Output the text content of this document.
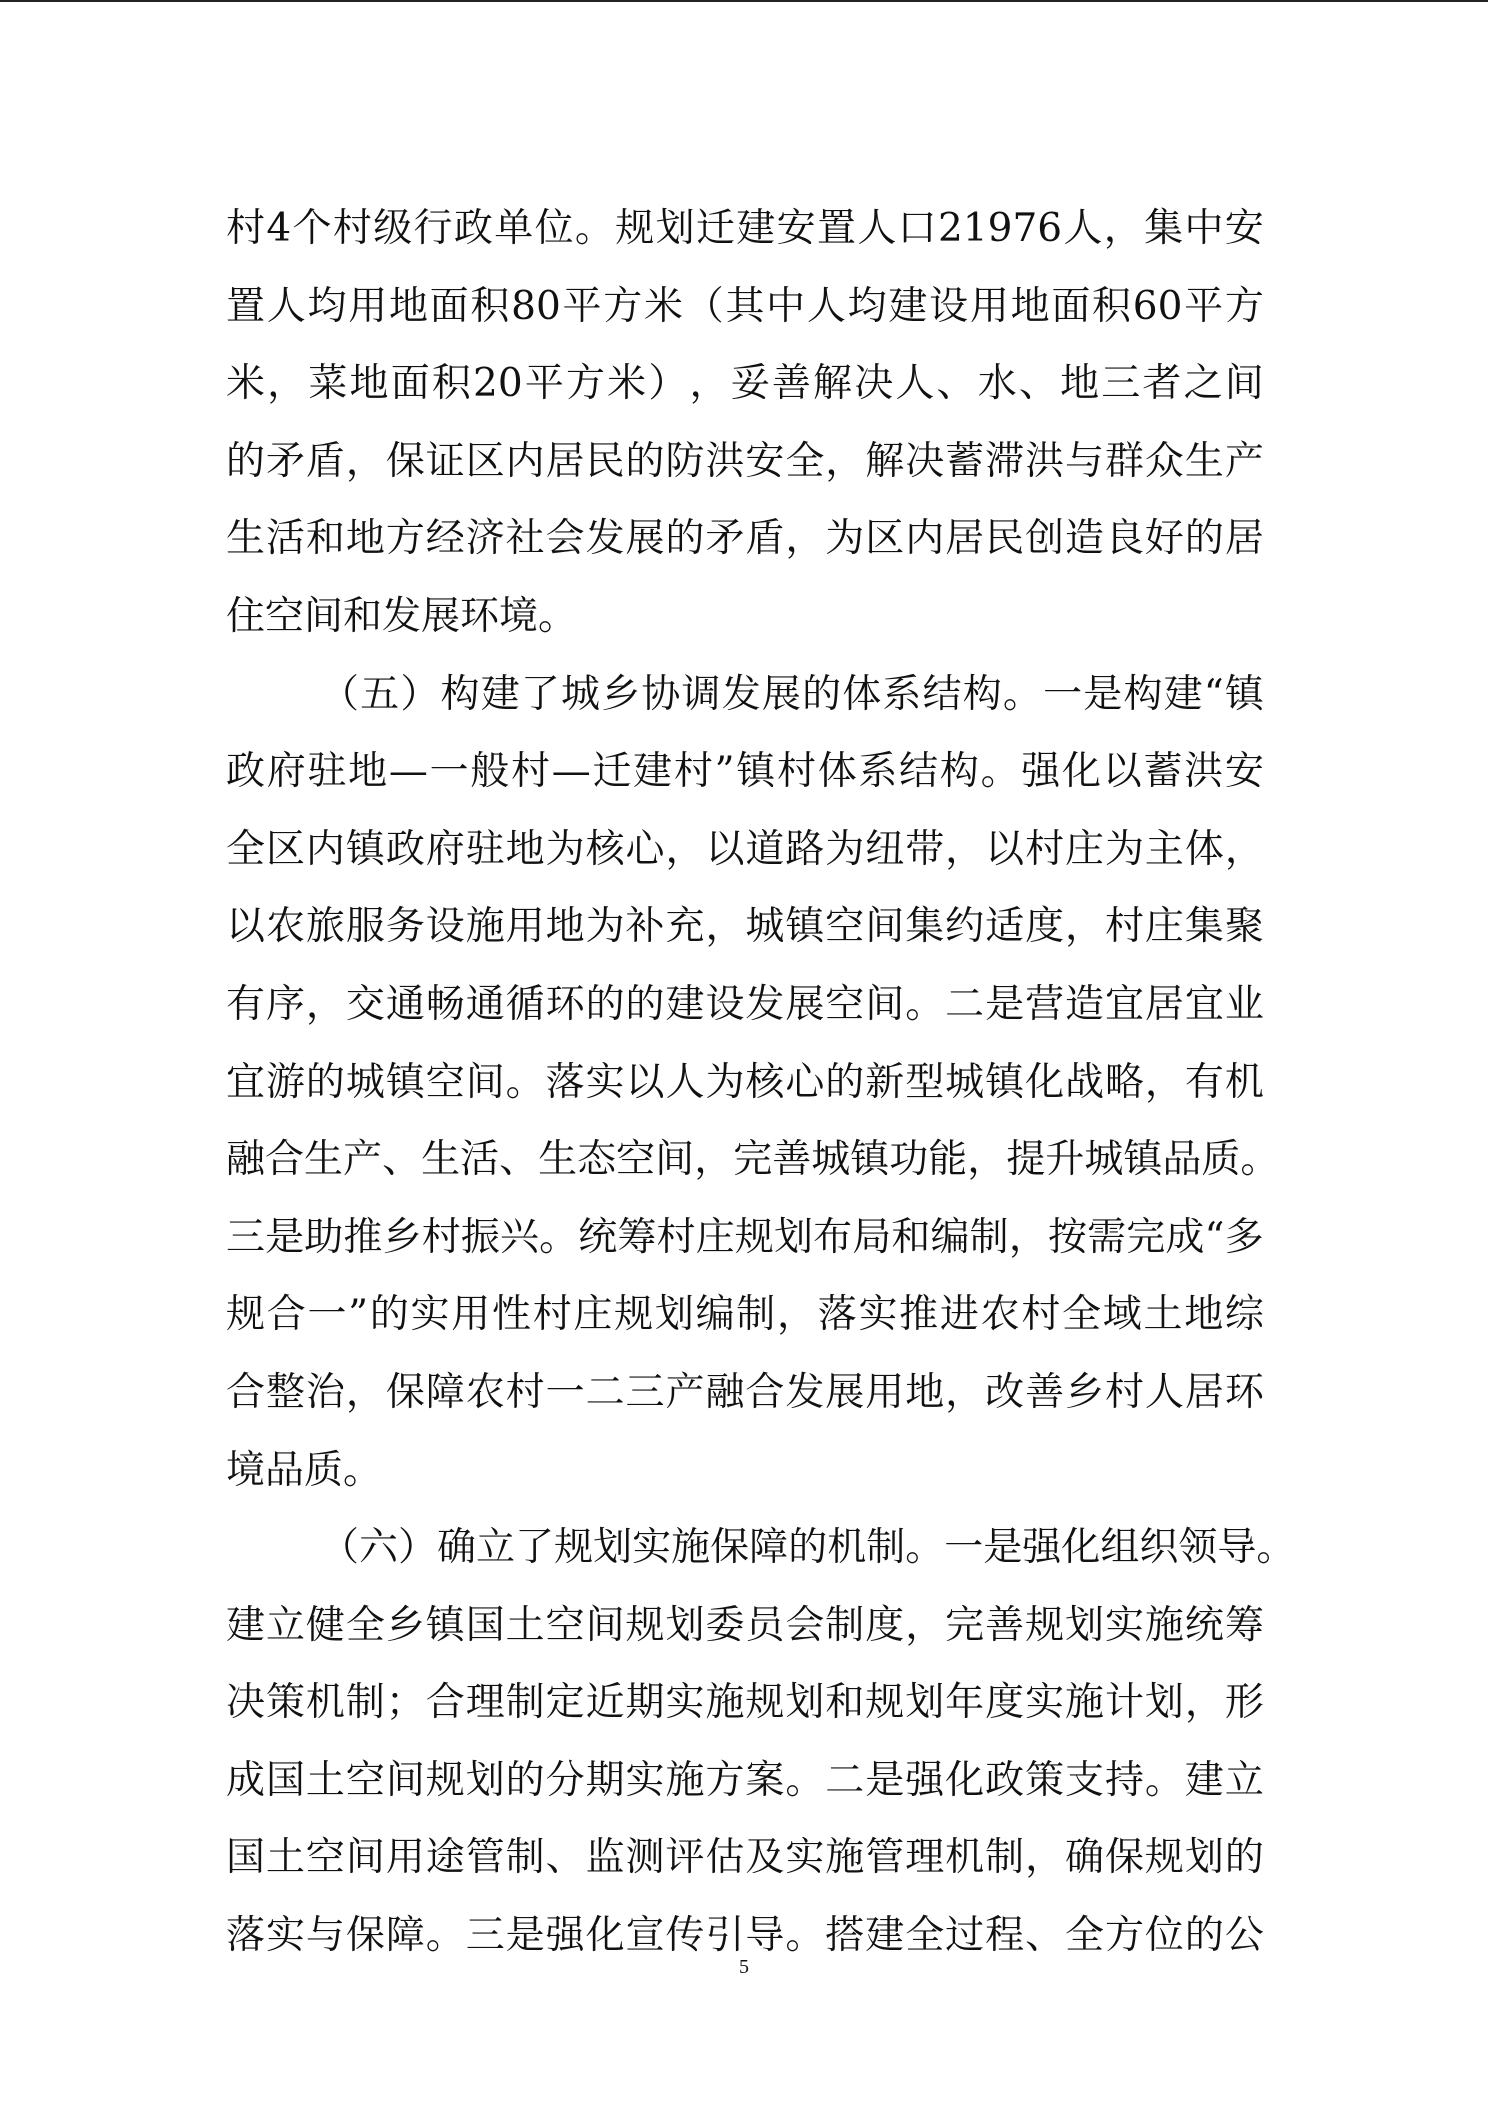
村 4 个 村 级 行 政 单 位 。 规 划 迁 建 安 置 人 口 21976 人 ， 集 中 安
置 人 均 用 地 面 积 80 平 方 米 （ 其 中 人 均 建 设 用 地 面 积 60 平 方
米 ， 菜 地 面 积 20 平 方 米 ） ， 妥 善 解 决 人 、 水 、 地 三 者 之 间
的 矛 盾 ， 保 证 区 内 居 民 的 防 洪 安 全 ， 解 决 蓄 滞 洪 与 群 众 生 产
生 活 和 地 方 经 济 社 会 发 展 的 矛 盾 ， 为 区 内 居 民 创 造 良 好 的 居
住空间和发展环境。
（ 五 ） 构 建 了 城 乡 协 调 发 展 的 体 系 结 构 。 一 是 构 建 “ 镇
政 府 驻 地 — 一 般 村 — 迁 建 村 ” 镇 村 体 系 结 构 。 强 化 以 蓄 洪 安
全 区 内 镇 政 府 驻 地 为 核 心 ， 以 道 路 为 纽 带 ， 以 村 庄 为 主 体 ，
以 农 旅 服 务 设 施 用 地 为 补 充 ， 城 镇 空 间 集 约 适 度 ， 村 庄 集 聚
有 序 ， 交 通 畅 通 循 环 的 的 建 设 发 展 空 间 。 二 是 营 造 宜 居 宜 业
宜 游 的 城 镇 空 间 。 落 实 以 人 为 核 心 的 新 型 城 镇 化 战 略 ， 有 机
融 合 生 产 、 生 活 、 生 态 空 间 ， 完 善 城 镇 功 能 ， 提 升 城 镇 品 质 。
三 是 助 推 乡 村 振 兴 。 统 筹 村 庄 规 划 布 局 和 编 制 ， 按 需 完 成 “ 多
规 合 一 ” 的 实 用 性 村 庄 规 划 编 制 ， 落 实 推 进 农 村 全 域 土 地 综
合 整 治 ， 保 障 农 村 一 二 三 产 融 合 发 展 用 地 ， 改 善 乡 村 人 居 环
境品质。
（ 六 ） 确 立 了 规 划 实 施 保 障 的 机 制 。 一 是 强 化 组 织 领 导 。
建 立 健 全 乡 镇 国 土 空 间 规 划 委 员 会 制 度 ， 完 善 规 划 实 施 统 筹
决 策 机 制 ； 合 理 制 定 近 期 实 施 规 划 和 规 划 年 度 实 施 计 划 ， 形
成 国 土 空 间 规 划 的 分 期 实 施 方 案 。 二 是 强 化 政 策 支 持 。 建 立
国 土 空 间 用 途 管 制 、 监 测 评 估 及 实 施 管 理 机 制 ， 确 保 规 划 的
落 实 与 保 障 。 三 是 强 化 宣 传 引 导 。 搭 建 全 过 程 、 全 方 位 的 公
5
